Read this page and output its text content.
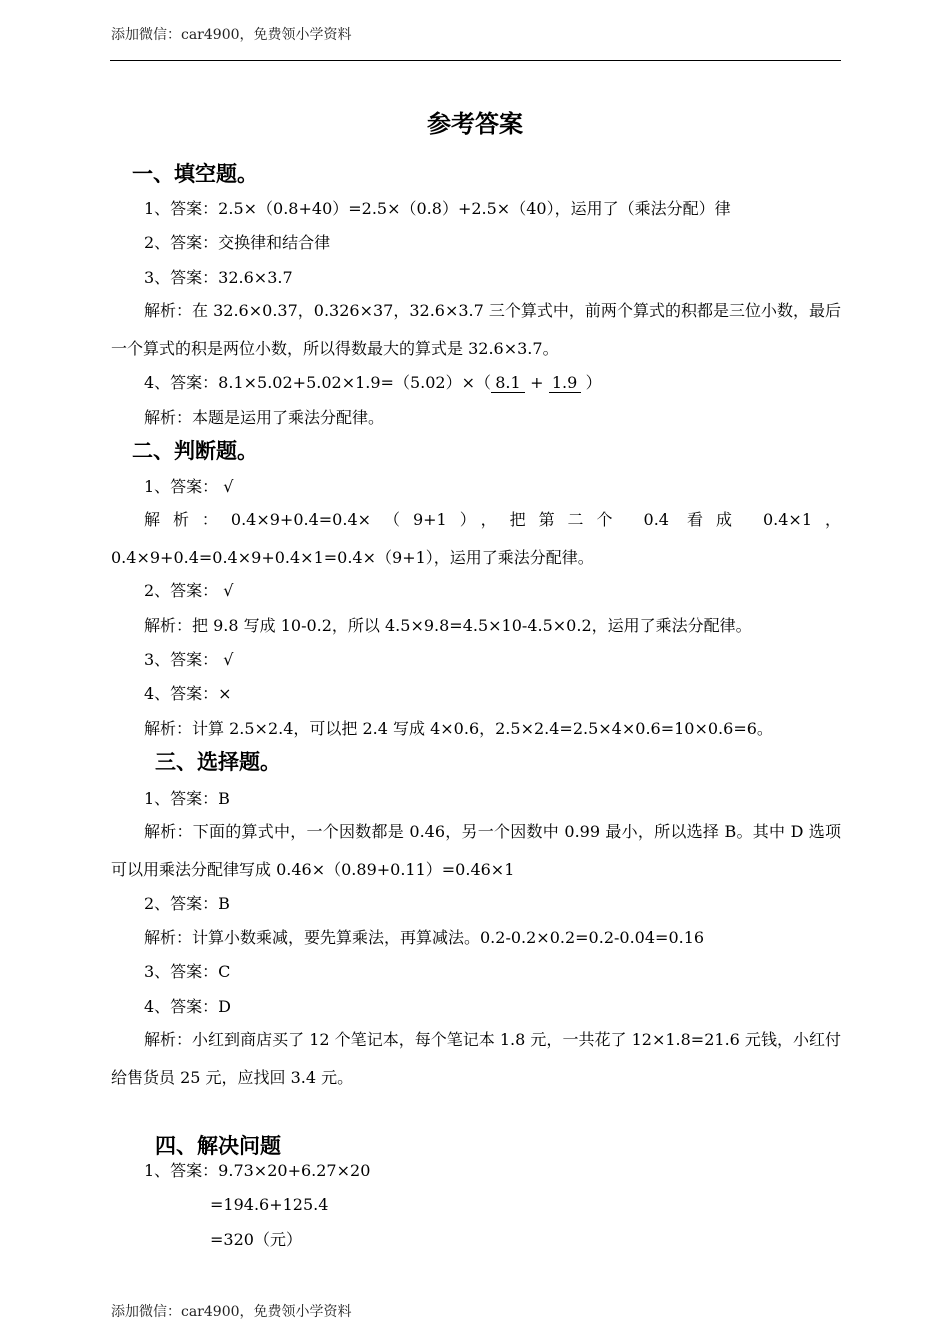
添加微信：car4900，免费领小学资料
参考答案
一、填空题。
1、答案：2.5×（0.8+40）=2.5×（0.8）+2.5×（40），运用了（乘法分配）律
2、答案：交换律和结合律
3、答案：32.6×3.7
解析：在 32.6×0.37，0.326×37，32.6×3.7 三个算式中，前两个算式的积都是三位小数，最后一个算式的积是两位小数，所以得数最大的算式是 32.6×3.7。
4、答案：8.1×5.02+5.02×1.9=（5.02）×（ 8.1 + 1.9 ）
解析：本题是运用了乘法分配律。
二、判断题。
1、答案： √
解析：0.4×9+0.4=0.4×（9+1），把第二个 0.4 看成 0.4×1，0.4×9+0.4=0.4×9+0.4×1=0.4×（9+1），运用了乘法分配律。
2、答案： √
解析：把 9.8 写成 10-0.2，所以 4.5×9.8=4.5×10-4.5×0.2，运用了乘法分配律。
3、答案： √
4、答案：×
解析：计算 2.5×2.4，可以把 2.4 写成 4×0.6，2.5×2.4=2.5×4×0.6=10×0.6=6。
三、选择题。
1、答案：B
解析：下面的算式中，一个因数都是 0.46，另一个因数中 0.99 最小，所以选择 B。其中 D 选项可以用乘法分配律写成 0.46×（0.89+0.11）=0.46×1
2、答案：B
解析：计算小数乘减，要先算乘法，再算减法。0.2-0.2×0.2=0.2-0.04=0.16
3、答案：C
4、答案：D
解析：小红到商店买了 12 个笔记本，每个笔记本 1.8 元，一共花了 12×1.8=21.6 元钱，小红付给售货员 25 元，应找回 3.4 元。
四、解决问题
1、答案：9.73×20+6.27×20
=194.6+125.4
=320（元）
添加微信：car4900，免费领小学资料
